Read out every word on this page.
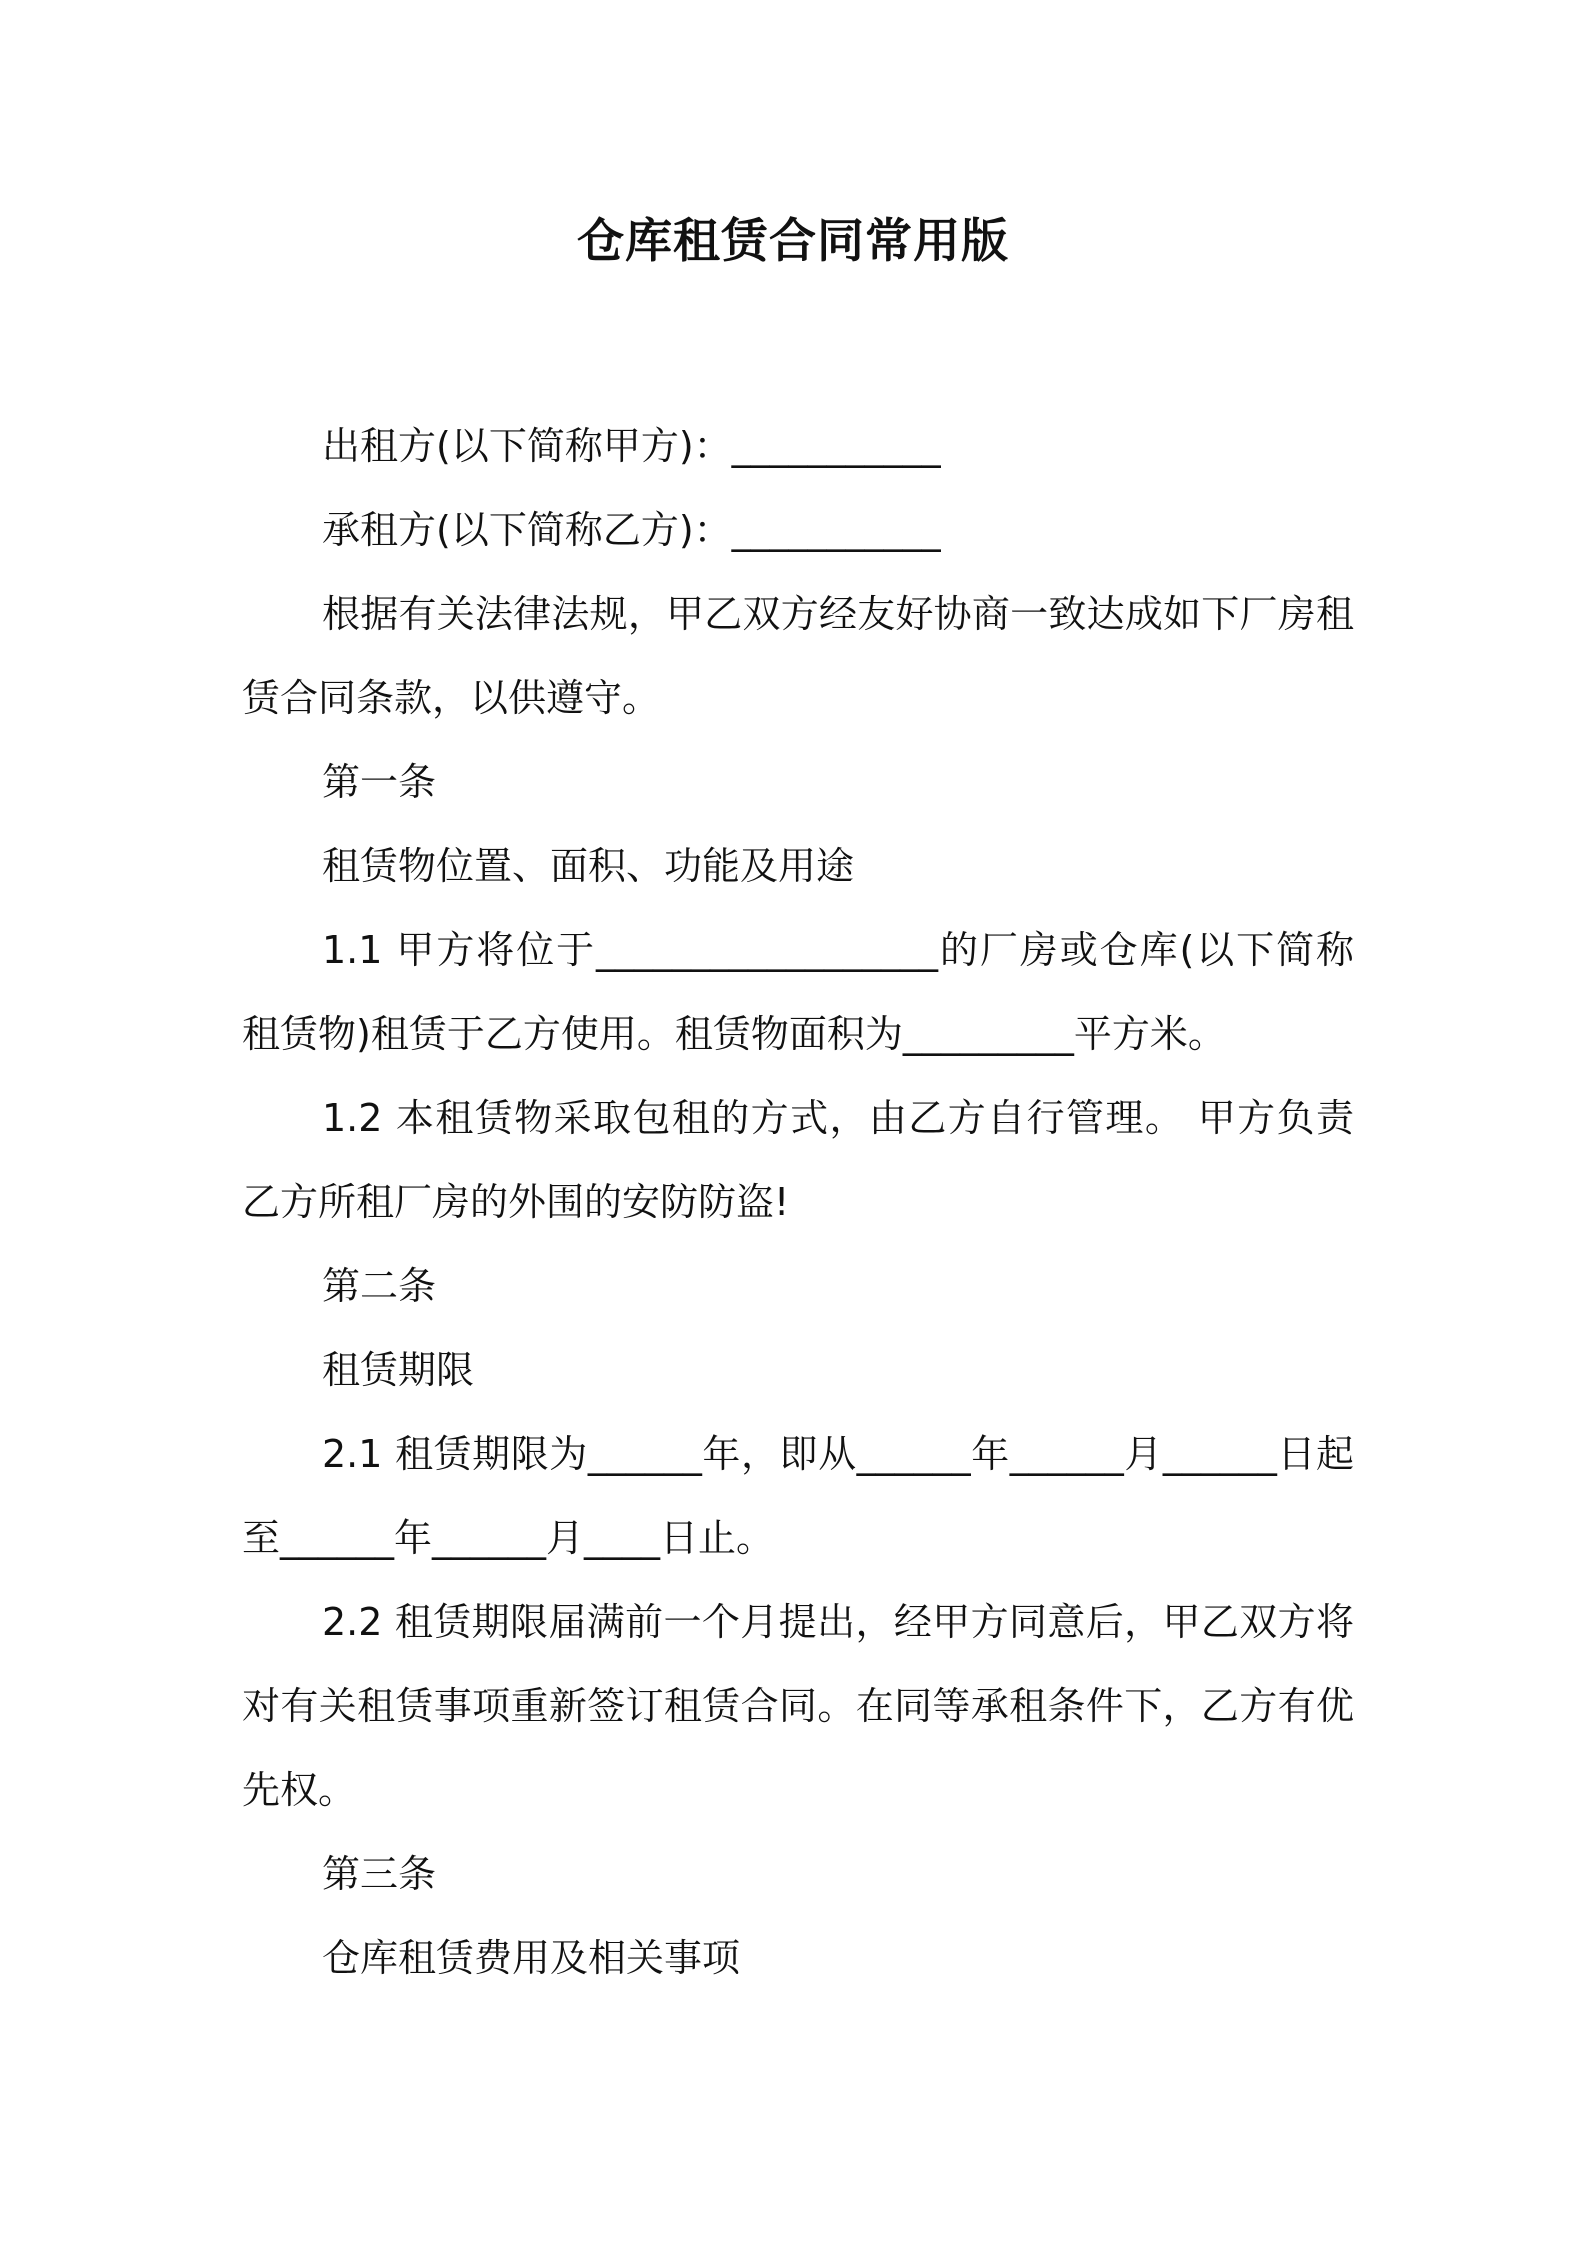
仓库租赁合同常用版

出租方(以下简称甲方)：___________

承租方(以下简称乙方)：___________

根据有关法律法规，甲乙双方经友好协商一致达成如下厂房租赁合同条款，以供遵守。

第一条

租赁物位置、面积、功能及用途

1.1 甲方将位于__________________的厂房或仓库(以下简称租赁物)租赁于乙方使用。租赁物面积为_________平方米。

1.2 本租赁物采取包租的方式，由乙方自行管理。 甲方负责乙方所租厂房的外围的安防防盗!

第二条

租赁期限

2.1 租赁期限为______年，即从______年______月______日起至______年______月____日止。

2.2 租赁期限届满前一个月提出，经甲方同意后，甲乙双方将对有关租赁事项重新签订租赁合同。在同等承租条件下，乙方有优先权。

第三条

仓库租赁费用及相关事项
